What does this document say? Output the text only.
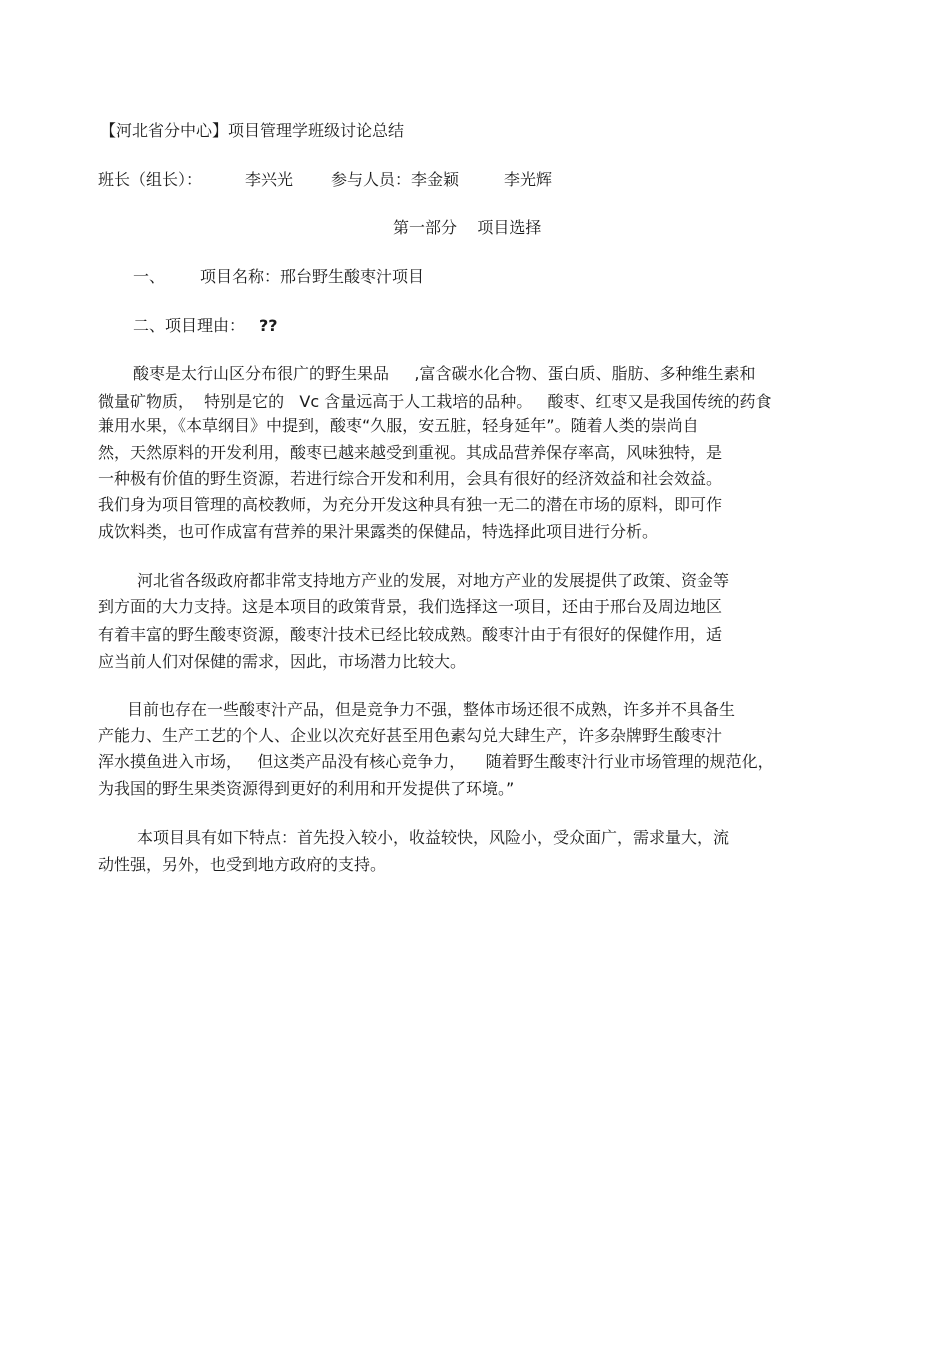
【河北省分中心】项目管理学班级讨论总结
班长（组长）：	李兴光 参与人员：李金颖	李光辉
第一部分    项目选择
一、 项目名称：邢台野生酸枣汁项目
二、项目理由： ??
酸枣是太行山区分布很广的野生果品     ,富含碳水化合物、蛋白质、脂肪、多种维生素和
微量矿物质，  特别是它的   Vc 含量远高于人工栽培的品种。   酸枣、红枣又是我国传统的药食
兼用水果，《本草纲目》中提到，酸枣“久服，安五脏，轻身延年”。随着人类的崇尚自
然，天然原料的开发利用，酸枣已越来越受到重视。其成品营养保存率高，风味独特，是
一种极有价值的野生资源，若进行综合开发和利用，会具有很好的经济效益和社会效益。
我们身为项目管理的高校教师，为充分开发这种具有独一无二的潜在市场的原料，即可作
成饮料类，也可作成富有营养的果汁果露类的保健品，特选择此项目进行分析。
河北省各级政府都非常支持地方产业的发展，对地方产业的发展提供了政策、资金等
到方面的大力支持。这是本项目的政策背景，我们选择这一项目，还由于邢台及周边地区
有着丰富的野生酸枣资源，酸枣汁技术已经比较成熟。酸枣汁由于有很好的保健作用，适
应当前人们对保健的需求，因此，市场潜力比较大。
目前也存在一些酸枣汁产品，但是竞争力不强，整体市场还很不成熟，许多并不具备生
产能力、生产工艺的个人、企业以次充好甚至用色素勾兑大肆生产，许多杂牌野生酸枣汁
浑水摸鱼进入市场，   但这类产品没有核心竞争力，    随着野生酸枣汁行业市场管理的规范化，
为我国的野生果类资源得到更好的利用和开发提供了环境。”
本项目具有如下特点：首先投入较小，收益较快，风险小，受众面广，需求量大，流
动性强，另外，也受到地方政府的支持。
